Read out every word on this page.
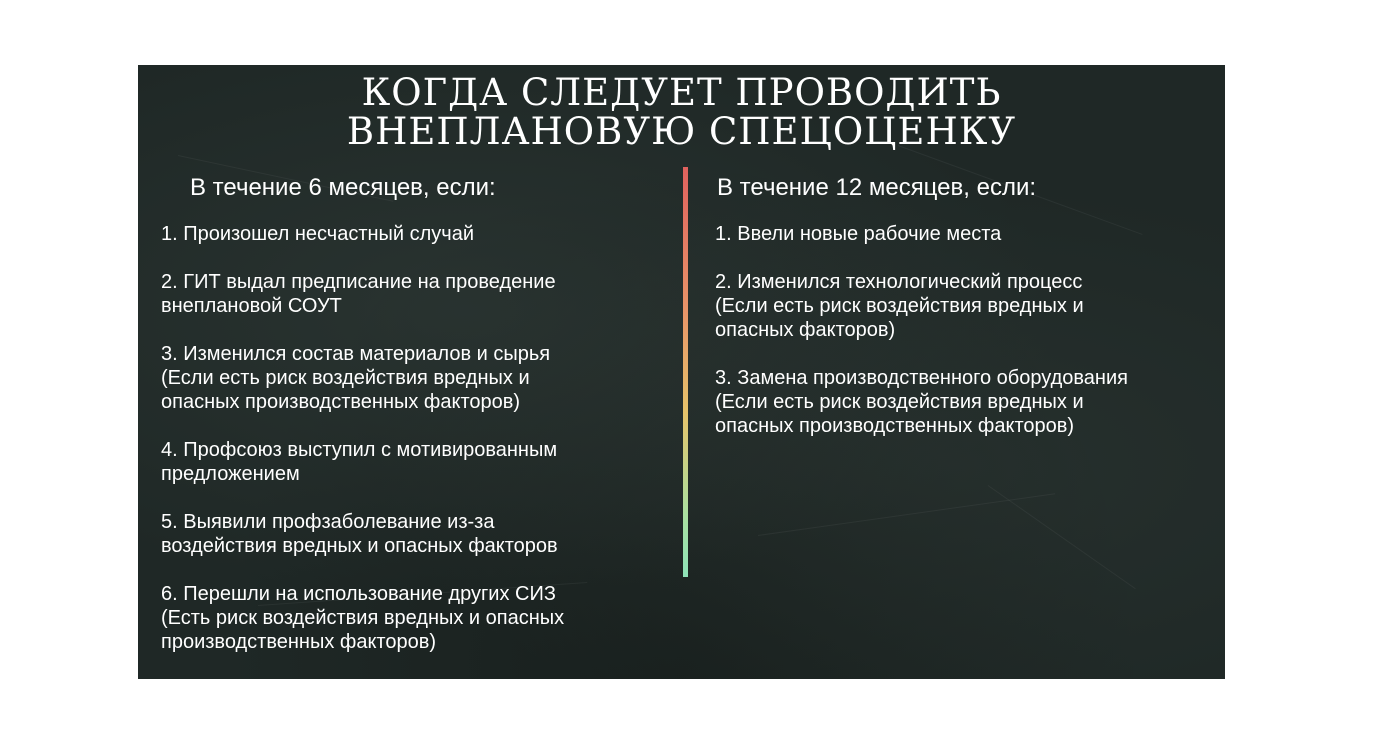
КОГДА СЛЕДУЕТ ПРОВОДИТЬ
ВНЕПЛАНОВУЮ СПЕЦОЦЕНКУ
В течение 6 месяцев, если:	В течение 12 месяцев, если:
1. Произошел несчастный случай
2. ГИТ выдал предписание на проведение
внеплановой СОУТ
3. Изменился состав материалов и сырья
(Если есть риск воздействия вредных и
опасных производственных факторов)
4. Профсоюз выступил с мотивированным
предложением
5. Выявили профзаболевание из-за
воздействия вредных и опасных факторов
6. Перешли на использование других СИЗ
(Есть риск воздействия вредных и опасных
производственных факторов)
1. Ввели новые рабочие места
2. Изменился технологический процесс
(Если есть риск воздействия вредных и
опасных факторов)
3. Замена производственного оборудования
(Если есть риск воздействия вредных и
опасных производственных факторов)
